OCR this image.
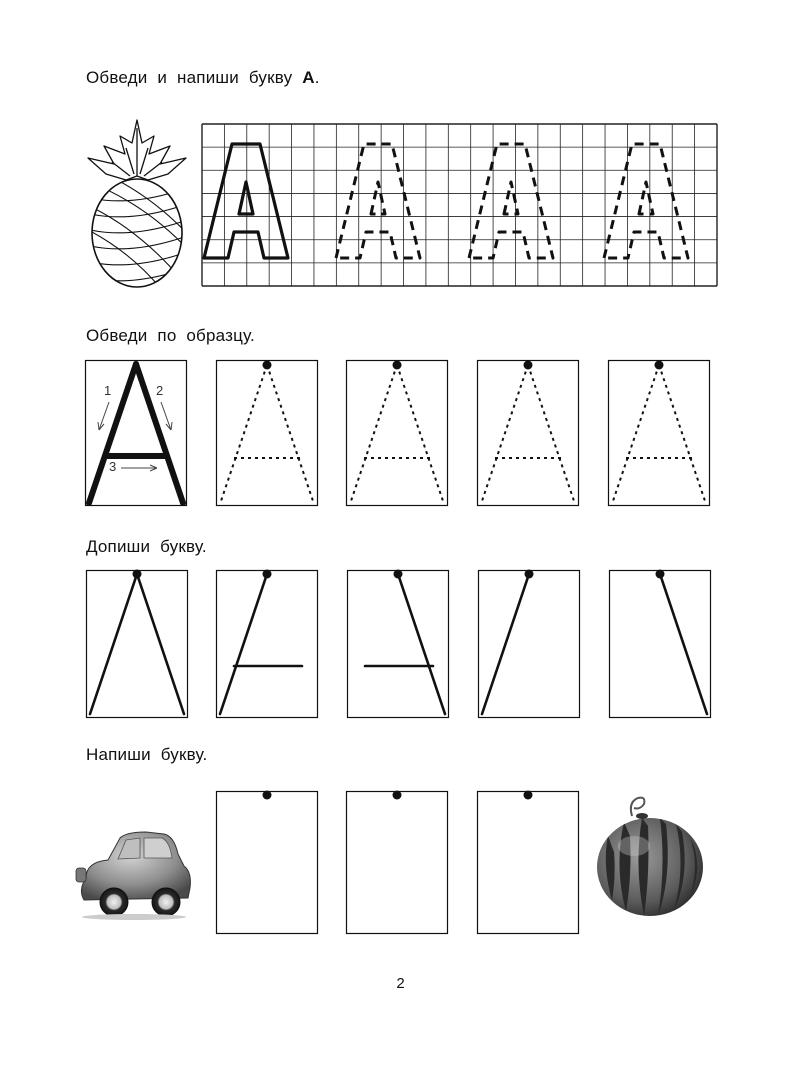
Обведи и напиши букву А.
Обведи по образцу.
1	2
3
Допиши букву.
Напиши букву.
2
